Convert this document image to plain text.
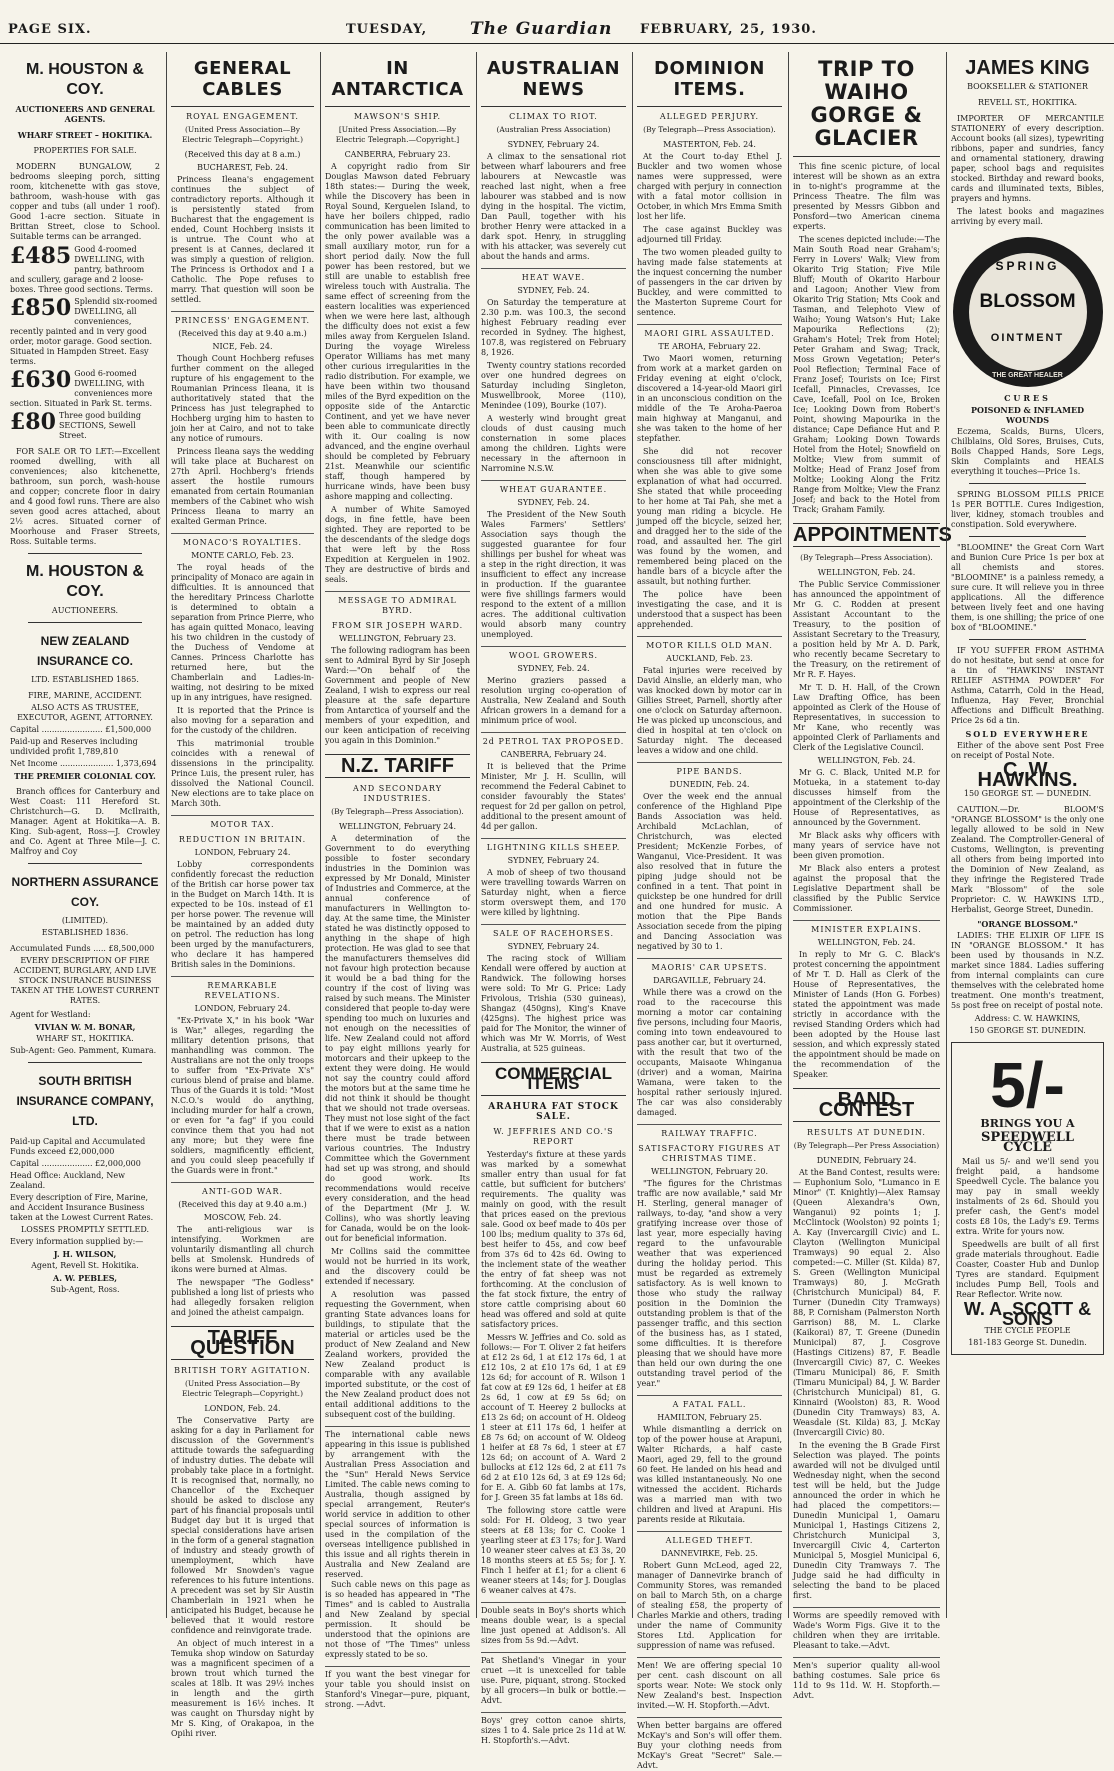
PAGE SIX.	TUESDAY,	The Guardian FEBRUARY, 25, 1930.
M. HOUSTON & COY.
AUCTIONEERS AND GENERAL AGENTS.
WHARF STREET – HOKITIKA.
PROPERTIES FOR SALE.

MODERN BUNGALOW, 2 bedrooms sleeping porch, sitting room, kitchenette with gas stove, bathroom, wash-house with gas copper and tubs (all under 1 roof). Good 1-acre section. Situate in Brittan Street, close to School. Suitable terms can be arranged.

£485 Good 4-roomed DWELLING, with pantry, bathroom and scullery, garage and 2 loose-boxes. Three good sections. Terms.
£850 Splendid six-roomed DWELLING, all conveniences, recently painted and in very good order, motor garage. Good section. Situated in Hampden Street. Easy terms.
£630 Good 6-roomed DWELLING, with conveniences more section. Situated in Park St. terms.
£80 Three good building SECTIONS, Sewell Street.

FOR SALE OR TO LET:—Excellent roomed dwelling, with all conveniences; also kitchenette, bathroom, sun porch, wash-house and copper; concrete floor in dairy and 4 good fowl runs. There are also seven good acres attached, about 2½ acres. Situated corner of Moorhouse and Fraser Streets, Ross. Suitable terms.

M. HOUSTON & COY.
AUCTIONEERS.
NEW ZEALAND INSURANCE CO.
LTD. ESTABLISHED 1865.
FIRE, MARINE, ACCIDENT.
ALSO ACTS AS TRUSTEE, EXECUTOR, AGENT, ATTORNEY.
Capital ........................ £1,500,000
Paid-up and Reserves including undivided profit 1,789,810
Net Income ..................... 1,373,694
THE PREMIER COLONIAL COY.

Branch offices for Canterbury and West Coast: 111 Hereford St. Christchurch—G. D. McIlraith, Manager. Agent at Hokitika—A. B. King. Sub-agent, Ross—J. Crowley and Co. Agent at Three Mile—J. C. Malfroy and Coy

NORTHERN ASSURANCE COY.
(LIMITED).
ESTABLISHED 1836.
Accumulated Funds ..... £8,500,000
EVERY DESCRIPTION OF FIRE ACCIDENT, BURGLARY, AND LIVE STOCK INSURANCE BUSINESS TAKEN AT THE LOWEST CURRENT RATES.
Agent for Westland:
VIVIAN W. M. BONAR,
WHARF ST., HOKITIKA.
Sub-Agent: Geo. Pamment, Kumara.
SOUTH BRITISH INSURANCE COMPANY, LTD.
Paid-up Capital and Accumulated Funds exceed £2,000,000
Capital .................... £2,000,000
Head Office: Auckland, New Zealand.
Every description of Fire, Marine, and Accident Insurance Business taken at the Lowest Current Rates.
LOSSES PROMPTLY SETTLED.
Every information supplied by:—
J. H. WILSON,
Agent, Revell St. Hokitika.
A. W. PEBLES,
Sub-Agent, Ross.
GENERAL CABLES
ROYAL ENGAGEMENT.
(United Press Association—By Electric Telegraph—Copyright.)
(Received this day at 8 a.m.)
BUCHAREST, Feb. 24.

Princess Ileana's engagement continues the subject of contradictory reports. Although it is persistently stated from Bucharest that the engagement is ended, Count Hochberg insists it is untrue. The Count who at present is at Cannes, declared it was simply a question of religion. The Princess is Orthodox and I a Catholic. The Pope refuses to marry. That question will soon be settled.

PRINCESS' ENGAGEMENT.
(Received this day at 9.40 a.m.)
NICE, Feb. 24.

Though Count Hochberg refuses further comment on the alleged rupture of his engagement to the Roumanian Princess Ileana, it is authoritatively stated that the Princess has just telegraphed to Hochberg urging him to hasten to join her at Cairo, and not to take any notice of rumours.

Princess Ileana says the wedding will take place at Bucharest on 27th April. Hochberg's friends assert the hostile rumours emanated from certain Roumanian members of the Cabinet who wish Princess Ileana to marry an exalted German Prince.

MONACO'S ROYALTIES.
MONTE CARLO, Feb. 23.

The royal heads of the principality of Monaco are again in difficulties. It is announced that the hereditary Princess Charlotte is determined to obtain a separation from Prince Pierre, who has again quitted Monaco, leaving his two children in the custody of the Duchess of Vendome at Cannes. Princess Charlotte has returned here, but the Chamberlain and Ladies-in-waiting, not desiring to be mixed up in any intrigues, have resigned.

It is reported that the Prince is also moving for a separation and for the custody of the children.

This matrimonial trouble coincides with a renewal of dissensions in the principality. Prince Luis, the present ruler, has dissolved the National Council. New elections are to take place on March 30th.

MOTOR TAX.
REDUCTION IN BRITAIN.
LONDON, February 24.

Lobby correspondents confidently forecast the reduction of the British car horse power tax in the Budget on March 14th. It is expected to be 10s. instead of £1 per horse power. The revenue will be maintained by an added duty on petrol. The reduction has long been urged by the manufacturers, who declare it has hampered British sales in the Dominions.

REMARKABLE REVELATIONS.
LONDON, February 24.

"Ex-Private X," in his book "War is War," alleges, regarding the military detention prisons, that manhandling was common. The Australians are not the only troops to suffer from "Ex-Private X's" curious blend of praise and blame. Thus of the Guards it is told: "Most N.C.O.'s would do anything, including murder for half a crown, or even for "a fag" if you could convince them that you had not any more; but they were fine soldiers, magnificently efficient, and you could sleep peacefully if the Guards were in front."

ANTI-GOD WAR.
(Received this day at 9.40 a.m.)
MOSCOW, Feb. 24.

The anti-religious war is intensifying. Workmen are voluntarily dismantling all church bells at Smolensk. Hundreds of ikons were burned at Almas.

The newspaper "The Godless" published a long list of priests who had allegedly forsaken religion and joined the atheist campaign.

TARIFF QUESTION
BRITISH TORY AGITATION.
(United Press Association—By Electric Telegraph—Copyright.)
LONDON, Feb. 24.

The Conservative Party are asking for a day in Parliament for discussion of the Government's attitude towards the safeguarding of industry duties. The debate will probably take place in a fortnight. It is recognised that, normally, no Chancellor of the Exchequer should be asked to disclose any part of his financial proposals until Budget day but it is urged that special considerations have arisen in the form of a general stagnation of industry and steady growth of unemployment, which have followed Mr Snowden's vague references to his future intentions. A precedent was set by Sir Austin Chamberlain in 1921 when he anticipated his Budget, because he believed that it would restore confidence and reinvigorate trade.

An object of much interest in a Temuka shop window on Saturday was a magnificent specimen of a brown trout which turned the scales at 18lb. It was 29½ inches in length and the girth measurement is 16½ inches. It was caught on Thursday night by Mr S. King, of Orakapoa, in the Opihi river.

IN ANTARCTICA
MAWSON'S SHIP.
[United Press Association.—By Electric Telegraph.—Copyright.]
CANBERRA, February 23.

A copyright radio from Sir Douglas Mawson dated February 18th states:— During the week, while the Discovery has been in Royal Sound, Kerguelen Island, to have her boilers chipped, radio communication has been limited to the only power available was a small auxiliary motor, run for a short period daily. Now the full power has been restored, but we still are unable to establish free wireless touch with Australia. The same effect of screening from the eastern localities was experienced when we were here last, although the difficulty does not exist a few miles away from Kerguelen Island. During the voyage Wireless Operator Williams has met many other curious irregularities in the radio distribution. For example, we have been within two thousand miles of the Byrd expedition on the opposite side of the Antarctic Continent, and yet we have never been able to communicate directly with it. Our coaling is now advanced, and the engine overhaul should be completed by February 21st. Meanwhile our scientific staff, though hampered by hurricane winds, have been busy ashore mapping and collecting.

A number of White Samoyed dogs, in fine fettle, have been sighted. They are reported to be the descendants of the sledge dogs that were left by the Ross Expedition at Kerguelen in 1902. They are destructive of birds and seals.

MESSAGE TO ADMIRAL BYRD.
FROM SIR JOSEPH WARD.
WELLINGTON, February 23.

The following radiogram has been sent to Admiral Byrd by Sir Joseph Ward:—"On behalf of the Government and people of New Zealand, I wish to express our real pleasure at the safe departure from Antarctica of yourself and the members of your expedition, and our keen anticipation of receiving you again in this Dominion."

N.Z. TARIFF
AND SECONDARY INDUSTRIES.
(By Telegraph—Press Association).
WELLINGTON, February 24.

A determination of the Government to do everything possible to foster secondary industries in the Dominion was expressed by Mr Donald, Minister of Industries and Commerce, at the annual conference of manufacturers in Wellington to-day. At the same time, the Minister stated he was distinctly opposed to anything in the shape of high protection. He was glad to see that the manufacturers themselves did not favour high protection because it would be a bad thing for the country if the cost of living was raised by such means. The Minister considered that people to-day were spending too much on luxuries and not enough on the necessities of life. New Zealand could not afford to pay eight millions yearly for motorcars and their upkeep to the extent they were doing. He would not say the country could afford the motors but at the same time he did not think it should be thought that we should not trade overseas. They must not lose sight of the fact that if we were to exist as a nation there must be trade between various countries. The Industry Committee which the Government had set up was strong, and should do good work. Its recommendations would receive every consideration, and the head of the Department (Mr J. W. Collins), who was shortly leaving for Canada, would be on the look-out for beneficial information.

Mr Collins said the committee would not be hurried in its work, and the discovery could be extended if necessary.

A resolution was passed requesting the Government, when granting State advances loans for buildings, to stipulate that the material or articles used be the product of New Zealand and New Zealand workers, provided the New Zealand product is comparable with any available imported substitute, or the cost of the New Zealand product does not entail additional additions to the subsequent cost of the building.

The international cable news appearing in this issue is published by arrangement with the Australian Press Association and the "Sun" Herald News Service Limited. The cable news coming to Australia, though assigned by special arrangement, Reuter's world service in addition to other special sources of information is used in the compilation of the overseas intelligence published in this issue and all rights therein in Australia and New Zealand are reserved.

Such cable news on this page as is so headed has appeared in "The Times" and is cabled to Australia and New Zealand by special permission. It should be understood that the opinions are not those of "The Times" unless expressly stated to be so.

If you want the best vinegar for your table you should insist on Stanford's Vinegar—pure, piquant, strong. —Advt.
AUSTRALIAN NEWS
CLIMAX TO RIOT.
(Australian Press Association)
SYDNEY, February 24.

A climax to the sensational riot between wharf labourers and free labourers at Newcastle was reached last night, when a free labourer was stabbed and is now dying in the hospital. The victim, Dan Paull, together with his brother Henry were attacked in a dark spot. Henry, in struggling with his attacker, was severely cut about the hands and arms.

HEAT WAVE.
SYDNEY, Feb. 24.

On Saturday the temperature at 2.30 p.m. was 100.3, the second highest February reading ever recorded in Sydney. The highest, 107.8, was registered on February 8, 1926.

Twenty country stations recorded over one hundred degrees on Saturday including Singleton, Muswellbrook, Moree (110), Menindee (109), Bourke (107).

A westerly wind brought great clouds of dust causing much consternation in some places among the children. Lights were necessary in the afternoon in Narromine N.S.W.

WHEAT GUARANTEE.
SYDNEY, Feb. 24.

The President of the New South Wales Farmers' Settlers' Association says though the suggested guarantee for four shillings per bushel for wheat was a step in the right direction, it was insufficient to effect any increase in production. If the guarantee were five shillings farmers would respond to the extent of a million acres. The additional cultivation would absorb many country unemployed.

WOOL GROWERS.
SYDNEY, Feb. 24.

Merino graziers passed a resolution urging co-operation of Australia, New Zealand and South African growers in a demand for a minimum price of wool.

2d PETROL TAX PROPOSED.
CANBERRA, February 24.

It is believed that the Prime Minister, Mr J. H. Scullin, will recommend the Federal Cabinet to consider favourably the States' request for 2d per gallon on petrol, additional to the present amount of 4d per gallon.

LIGHTNING KILLS SHEEP.
SYDNEY, February 24.

A mob of sheep of two thousand were travelling towards Warren on Saturday night, when a fierce storm overswept them, and 170 were killed by lightning.

SALE OF RACEHORSES.
SYDNEY, February 24.

The racing stock of William Kendall were offered by auction at Randwick. The following horses were sold: To Mr G. Price: Lady Frivolous, Trishia (530 guineas), Shangaz (450gns), King's Knave (425gns). The highest price was paid for The Monitor, the winner of which was Mr W. Morris, of West Australia, at 525 guineas.

COMMERCIAL ITEMS
ARAHURA FAT STOCK SALE.
W. JEFFRIES AND CO.'S REPORT

Yesterday's fixture at these yards was marked by a somewhat smaller entry than usual for fat cattle, but sufficient for butchers' requirements. The quality was mainly on good, with the result that prices eased on the previous sale. Good ox beef made to 40s per 100 lbs; medium quality to 37s 6d, best heifer to 45s, and cow beef from 37s 6d to 42s 6d. Owing to the inclement state of the weather the entry of fat sheep was not forthcoming. At the conclusion of the fat stock fixture, the entry of store cattle comprising about 60 head was offered and sold at quite satisfactory prices.

Messrs W. Jeffries and Co. sold as follows:— For T. Oliver 2 fat heifers at £12 2s 6d, 1 at £12 17s 6d, 1 at £12 10s, 2 at £10 17s 6d, 1 at £9 12s 6d; for account of R. Wilson 1 fat cow at £9 12s 6d, 1 heifer at £8 2s 6d, 1 cow at £9 5s 6d; on account of T. Heerey 2 bullocks at £13 2s 6d; on account of H. Oldeog 1 steer at £11 17s 6d, 1 heifer at £8 7s 6d; on account of W. Oldeog 1 heifer at £8 7s 6d, 1 steer at £7 12s 6d; on account of A. Ward 2 bullocks at £12 12s 6d, 2 at £11 7s 6d 2 at £10 12s 6d, 3 at £9 12s 6d; for E. A. Gibb 60 fat lambs at 17s, for J. Green 35 fat lambs at 18s 6d.

The following store cattle were sold: For H. Oldeog, 3 two year steers at £8 13s; for C. Cooke 1 yearling steer at £3 17s; for J. Ward 10 weaner steer calves at £3 3s, 20 18 months steers at £5 5s; for J. Y. Finch 1 heifer at £1; for a client 6 weaner steers at 14s; for J. Douglas 6 weaner calves at 47s.

Double seats in Boy's shorts which means double wear, is a special line just opened at Addison's. All sizes from 5s 9d.—Advt.
Pat Shetland's Vinegar in your cruet —it is unexcelled for table use. Pure, piquant, strong. Stocked by all grocers—in bulk or bottle.—Advt.
Boys' grey cotton canoe shirts, sizes 1 to 4. Sale price 2s 11d at W. H. Stopforth's.—Advt.
DOMINION ITEMS.
ALLEGED PERJURY.
(By Telegraph—Press Association).
MASTERTON, Feb. 24.

At the Court to-day Ethel J. Buckler and two women whose names were suppressed, were charged with perjury in connection with a fatal motor collision in October, in which Mrs Emma Smith lost her life.

The case against Buckley was adjourned till Friday.

The two women pleaded guilty to having made false statements at the inquest concerning the number of passengers in the car driven by Buckley, and were committed to the Masterton Supreme Court for sentence.

MAORI GIRL ASSAULTED.
TE AROHA, February 22.

Two Maori women, returning from work at a market garden on Friday evening at eight o'clock, discovered a 14-year-old Maori girl in an unconscious condition on the middle of the Te Aroha-Paeroa main highway at Manganui, and she was taken to the home of her stepfather.

She did not recover consciousness till after midnight, when she was able to give some explanation of what had occurred. She stated that while proceeding to her home at Tai Pah, she met a young man riding a bicycle. He jumped off the bicycle, seized her, and dragged her to the side of the road, and assaulted her. The girl was found by the women, and remembered being placed on the handle bars of a bicycle after the assault, but nothing further.

The police have been investigating the case, and it is understood that a suspect has been apprehended.

MOTOR KILLS OLD MAN.
AUCKLAND, Feb. 23.

Fatal injuries were received by David Ainslie, an elderly man, who was knocked down by motor car in Gillies Street, Parnell, shortly after one o'clock on Saturday afternoon. He was picked up unconscious, and died in hospital at ten o'clock on Saturday night. The deceased leaves a widow and one child.

PIPE BANDS.
DUNEDIN, Feb. 24.

Over the week end the annual conference of the Highland Pipe Bands Association was held. Archibald McLachlan, of Christchurch, was elected President; McKenzie Forbes, of Wanganui, Vice-President. It was also resolved that in future the piping judge should not be confined in a tent. That point in quickstep be one hundred for drill and one hundred for music. A motion that the Pipe Bands Association secede from the piping and Dancing Association was negatived by 30 to 1.

MAORIS' CAR UPSETS.
DARGAVILLE, February 24.

While there was a crowd on the road to the racecourse this morning a motor car containing five persons, including four Maoris, coming into town endeavoured to pass another car, but it overturned, with the result that two of the occupants, Maisaote Whinganua (driver) and a woman, Mairina Wamana, were taken to the hospital rather seriously injured. The car was also considerably damaged.

RAILWAY TRAFFIC.
SATISFACTORY FIGURES AT CHRISTMAS TIME.
WELLINGTON, February 20.

"The figures for the Christmas traffic are now available," said Mr H. Sterling, general manager of railways, to-day, "and show a very gratifying increase over those of last year, more especially having regard to the unfavourable weather that was experienced during the holiday period. This must be regarded as extremely satisfactory. As is well known to those who study the railway position in the Dominion the outstanding problem is that of the passenger traffic, and this section of the business has, as I stated, some difficulties. It is therefore pleasing that we should have more than held our own during the one outstanding travel period of the year."

A FATAL FALL.
HAMILTON, February 25.

While dismantling a derrick on top of the power house at Arapuni, Walter Richards, a half caste Maori, aged 29, fell to the ground 60 feet. He landed on his head and was killed instantaneously. No one witnessed the accident. Richards was a married man with two children and lived at Arapuni. His parents reside at Rikutaia.

ALLEGED THEFT.
DANNEVIRKE, Feb. 25.

Robert Gunn McLeod, aged 22, manager of Dannevirke branch of Community Stores, was remanded on bail to March 5th, on a charge of stealing £58, the property of Charles Markie and others, trading under the name of Community Stores Ltd. Application for suppression of name was refused.

Men! We are offering special 10 per cent. cash discount on all sports wear. Note: We stock only New Zealand's best. Inspection invited.—W. H. Stopforth.—Advt.
When better bargains are offered McKay's and Son's will offer them. Buy your clothing needs from McKay's Great "Secret" Sale.—Advt.
TRIP TO WAIHO GORGE & GLACIER

This fine scenic picture, of local interest will be shown as an extra in to-night's programme at the Princess Theatre. The film was presented by Messrs Gibbon and Ponsford—two American cinema experts.

The scenes depicted include:—The Main South Road near Graham's; Ferry in Lovers' Walk; View from Okarito Trig Station; Five Mile Bluff; Mouth of Okarito Harbour and Lagoon; Another View from Okarito Trig Station; Mts Cook and Tasman, and Telephoto View of Waiho; Young Watson's Hut; Lake Mapourika Reflections (2); Graham's Hotel; Trek from Hotel; Peter Graham and Swag; Track, Moss Grown Vegetation; Peter's Pool Reflection; Terminal Face of Franz Josef; Tourists on Ice; First Icefall, Pinnacles, Crevasses, Ice Cave, Icefall, Pool on Ice, Broken Ice; Looking Down from Robert's Point, showing Mapourika in the distance; Cape Defiance Hut and P. Graham; Looking Down Towards Hotel from the Hotel; Snowfield on Moltke; View from summit of Moltke; Head of Franz Josef from Moltke; Looking Along the Fritz Range from Moltke; View the Franz Josef; and back to the Hotel from Track; Graham Family.

APPOINTMENTS
(By Telegraph—Press Association).
WELLINGTON, Feb. 24.

The Public Service Commissioner has announced the appointment of Mr G. C. Rodden at present Assistant Accountant to the Treasury, to the position of Assistant Secretary to the Treasury, a position held by Mr A. D. Park, who recently became Secretary to the Treasury, on the retirement of Mr R. F. Hayes.

Mr T. D. H. Hall, of the Crown Law Drafting Office, has been appointed as Clerk of the House of Representatives, in succession to Mr Kane, who recently was appointed Clerk of Parliaments and Clerk of the Legislative Council.

WELLINGTON, Feb. 24.

Mr G. C. Black, United M.P. for Motueka, in a statement to-day discusses himself from the appointment of the Clerkship of the House of Representatives, as announced by the Government.

Mr Black asks why officers with many years of service have not been given promotion.

Mr Black also enters a protest against the proposal that the Legislative Department shall be classified by the Public Service Commissioner.

MINISTER EXPLAINS.
WELLINGTON, Feb. 24.

In reply to Mr G. C. Black's protest concerning the appointment of Mr T. D. Hall as Clerk of the House of Representatives, the Minister of Lands (Hon G. Forbes) stated the appointment was made strictly in accordance with the revised Standing Orders which had been adopted by the House last session, and which expressly stated the appointment should be made on the recommendation of the Speaker.

BAND CONTEST
RESULTS AT DUNEDIN.
(By Telegraph—Per Press Association)
DUNEDIN, February 24.

At the Band Contest, results were:— Euphonium Solo, "Lumanco in E Minor" (T. Knightly)—Alex Ramsay (Queen Alexandra's Own, Wanganui) 92 points 1; J. McClintock (Woolston) 92 points 1; A. Kay (Invercargill Civic) and L. Clayton (Wellington Municipal Tramways) 90 equal 2. Also competed:—C. Miller (St. Kilda) 87, S. Green (Wellington Municipal Tramways) 80, J. McGrath (Christchurch Municipal) 84, F. Turner (Dunedin City Tramways) 88, P. Cornisham (Palmerston North Garrison) 88, M. L. Clarke (Kaikorai) 87, T. Greene (Dunedin Municipal) 87, J. Cosgrove (Hastings Citizens) 87, F. Beadle (Invercargill Civic) 87, C. Weekes (Timaru Municipal) 86, F. Smith (Timaru Municipal) 84, J. W. Barder (Christchurch Municipal) 81, G. Kinnaird (Woolston) 83, R. Wood (Dunedin City Tramways) 83, A. Weasdale (St. Kilda) 83, J. McKay (Invercargill Civic) 80.

In the evening the B Grade First Selection was played. The points awarded will not be divulged until Wednesday night, when the second test will be held, but the Judge announced the order in which he had placed the competitors:—Dunedin Municipal 1, Oamaru Municipal 1, Hastings Citizens 2, Christchurch Municipal 3, Invercargill Civic 4, Carterton Municipal 5, Mosgiel Municipal 6, Dunedin City Tramways 7. The Judge said he had difficulty in selecting the band to be placed first.

Worms are speedily removed with Wade's Worm Figs. Give it to the children when they are irritable. Pleasant to take.—Advt.
Men's superior quality all-wool bathing costumes. Sale price 6s 11d to 9s 11d. W. H. Stopforth.—Advt.
JAMES KING
BOOKSELLER & STATIONER
REVELL ST., HOKITIKA.

IMPORTER OF MERCANTILE STATIONERY of every description. Account books (all sizes), typewriting ribbons, paper and sundries, fancy and ornamental stationery, drawing paper, school bags and requisites stocked. Birthday and reward books, cards and illuminated texts, Bibles, prayers and hymns.

The latest books and magazines arriving by every mail.

SPRING
BLOSSOM
OINTMENT
THE GREAT HEALER
CURES
POISONED & INFLAMED WOUNDS

Eczema, Scalds, Burns, Ulcers, Chilblains, Old Sores, Bruises, Cuts, Boils Chapped Hands, Sore Legs, Skin Complaints and HEALS everything it touches—Price 1s.

SPRING BLOSSOM PILLS PRICE 1s PER BOTTLE. Cures Indigestion, liver, kidney, stomach troubles and constipation. Sold everywhere.

"BLOOMINE" the Great Corn Wart and Bunion Cure Price 1s per box at all chemists and stores. "BLOOMINE" is a painless remedy, a sure cure. It will relieve you in three applications. All the difference between lively feet and one having them, is one shilling; the price of one box of "BLOOMINE."

IF YOU SUFFER FROM ASTHMA do not hesitate, but send at once for a tin of "HAWKINS' INSTANT RELIEF ASTHMA POWDER" For Asthma, Catarrh, Cold in the Head, Influenza, Hay Fever, Bronchial Affections and Difficult Breathing. Price 2s 6d a tin.

SOLD EVERYWHERE

Either of the above sent Post Free on receipt of Postal Note.

C. W. HAWKINS.
150 GEORGE ST. — DUNEDIN.

CAUTION.—Dr. BLOOM'S "ORANGE BLOSSOM" is the only one legally allowed to be sold in New Zealand. The Comptroller-General of Customs, Wellington, is preventing all others from being imported into the Dominion of New Zealand, as they infringe the Registered Trade Mark "Blossom" of the sole Proprietor: C. W. HAWKINS LTD., Herbalist, George Street, Dunedin.

"ORANGE BLOSSOM."

LADIES: THE ELIXIR OF LIFE IS IN "ORANGE BLOSSOM." It has been used by thousands in N.Z. market since 1884. Ladies suffering from internal complaints can cure themselves with the celebrated home treatment. One month's treatment, 5s post free on receipt of postal note.

Address: C. W. HAWKINS,
150 GEORGE ST. DUNEDIN.
5/-
BRINGS YOU A
SPEEDWELL CYCLE

Mail us 5/- and we'll send you freight paid, a handsome Speedwell Cycle. The balance you may pay in small weekly instalments of 2s 6d. Should you prefer cash, the Gent's model costs £8 10s, the Lady's £9. Terms extra. Write for yours now.

Speedwells are built of all first grade materials throughout. Eadie Coaster, Coaster Hub and Dunlop Tyres are standard. Equipment includes Pump Bell, Tools and Rear Reflector. Write now.

W. A. SCOTT & SONS
THE CYCLE PEOPLE
181-183 George St. Dunedin.
